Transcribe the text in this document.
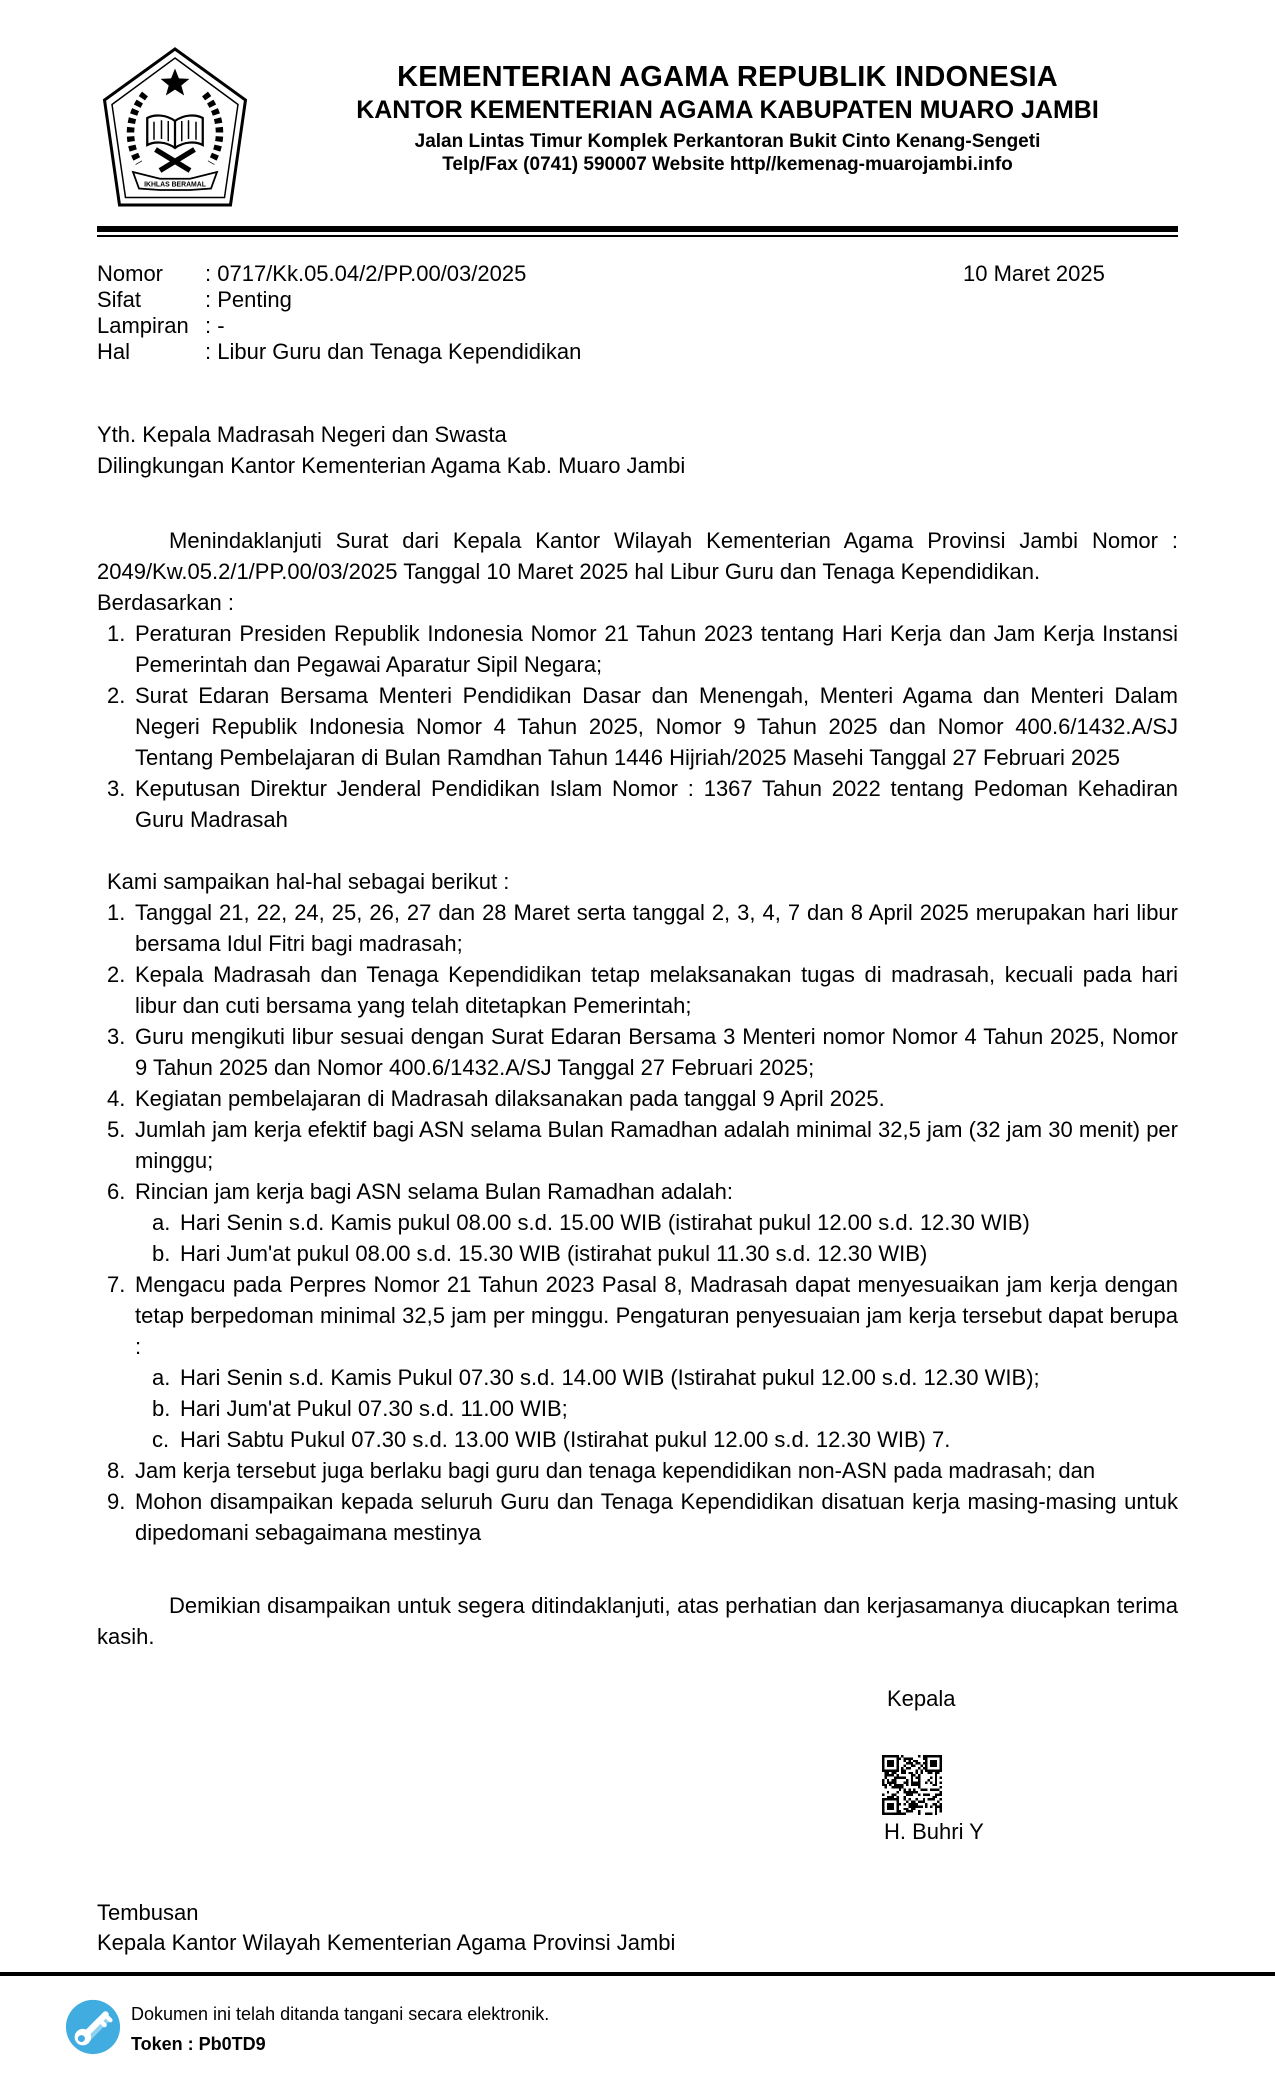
IKHLAS BERAMAL
KEMENTERIAN AGAMA REPUBLIK INDONESIA
KANTOR KEMENTERIAN AGAMA KABUPATEN MUARO JAMBI
Jalan Lintas Timur Komplek Perkantoran Bukit Cinto Kenang-Sengeti
Telp/Fax (0741) 590007 Website http//kemenag-muarojambi.info
Nomor	: 0717/Kk.05.04/2/PP.00/03/2025
Sifat	: Penting
Lampiran	: -
Hal	: Libur Guru dan Tenaga Kependidikan
10 Maret 2025
Yth. Kepala Madrasah Negeri dan Swasta
Dilingkungan Kantor Kementerian Agama Kab. Muaro Jambi

Menindaklanjuti Surat dari Kepala Kantor Wilayah Kementerian Agama Provinsi Jambi Nomor : 2049/Kw.05.2/1/PP.00/03/2025 Tanggal 10 Maret 2025 hal Libur Guru dan Tenaga Kependidikan.

Berdasarkan :
Peraturan Presiden Republik Indonesia Nomor 21 Tahun 2023 tentang Hari Kerja dan Jam Kerja Instansi Pemerintah dan Pegawai Aparatur Sipil Negara;
Surat Edaran Bersama Menteri Pendidikan Dasar dan Menengah, Menteri Agama dan Menteri Dalam Negeri Republik Indonesia Nomor 4 Tahun 2025, Nomor 9 Tahun 2025 dan Nomor 400.6/1432.A/SJ Tentang Pembelajaran di Bulan Ramdhan Tahun 1446 Hijriah/2025 Masehi Tanggal 27 Februari 2025
Keputusan Direktur Jenderal Pendidikan Islam Nomor : 1367 Tahun 2022 tentang Pedoman Kehadiran Guru Madrasah
Kami sampaikan hal-hal sebagai berikut :
Tanggal 21, 22, 24, 25, 26, 27 dan 28 Maret serta tanggal 2, 3, 4, 7 dan 8 April 2025 merupakan hari libur bersama Idul Fitri bagi madrasah;
Kepala Madrasah dan Tenaga Kependidikan tetap melaksanakan tugas di madrasah, kecuali pada hari libur dan cuti bersama yang telah ditetapkan Pemerintah;
Guru mengikuti libur sesuai dengan Surat Edaran Bersama 3 Menteri nomor Nomor 4 Tahun 2025, Nomor 9 Tahun 2025 dan Nomor 400.6/1432.A/SJ Tanggal 27 Februari 2025;
Kegiatan pembelajaran di Madrasah dilaksanakan pada tanggal 9 April 2025.
Jumlah jam kerja efektif bagi ASN selama Bulan Ramadhan adalah minimal 32,5 jam (32 jam 30 menit) per minggu;
Rincian jam kerja bagi ASN selama Bulan Ramadhan adalah:
Hari Senin s.d. Kamis pukul 08.00 s.d. 15.00 WIB (istirahat pukul 12.00 s.d. 12.30 WIB)
Hari Jum'at pukul 08.00 s.d. 15.30 WIB (istirahat pukul 11.30 s.d. 12.30 WIB)
Mengacu pada Perpres Nomor 21 Tahun 2023 Pasal 8, Madrasah dapat menyesuaikan jam kerja dengan tetap berpedoman minimal 32,5 jam per minggu. Pengaturan penyesuaian jam kerja tersebut dapat berupa :
Hari Senin s.d. Kamis Pukul 07.30 s.d. 14.00 WIB (Istirahat pukul 12.00 s.d. 12.30 WIB);
Hari Jum'at Pukul 07.30 s.d. 11.00 WIB;
Hari Sabtu Pukul 07.30 s.d. 13.00 WIB (Istirahat pukul 12.00 s.d. 12.30 WIB) 7.
Jam kerja tersebut juga berlaku bagi guru dan tenaga kependidikan non-ASN pada madrasah; dan
Mohon disampaikan kepada seluruh Guru dan Tenaga Kependidikan disatuan kerja masing-masing untuk dipedomani sebagaimana mestinya

Demikian disampaikan untuk segera ditindaklanjuti, atas perhatian dan kerjasamanya diucapkan terima kasih.

Kepala
H. Buhri Y
Tembusan
Kepala Kantor Wilayah Kementerian Agama Provinsi Jambi
Dokumen ini telah ditanda tangani secara elektronik.
Token : Pb0TD9
